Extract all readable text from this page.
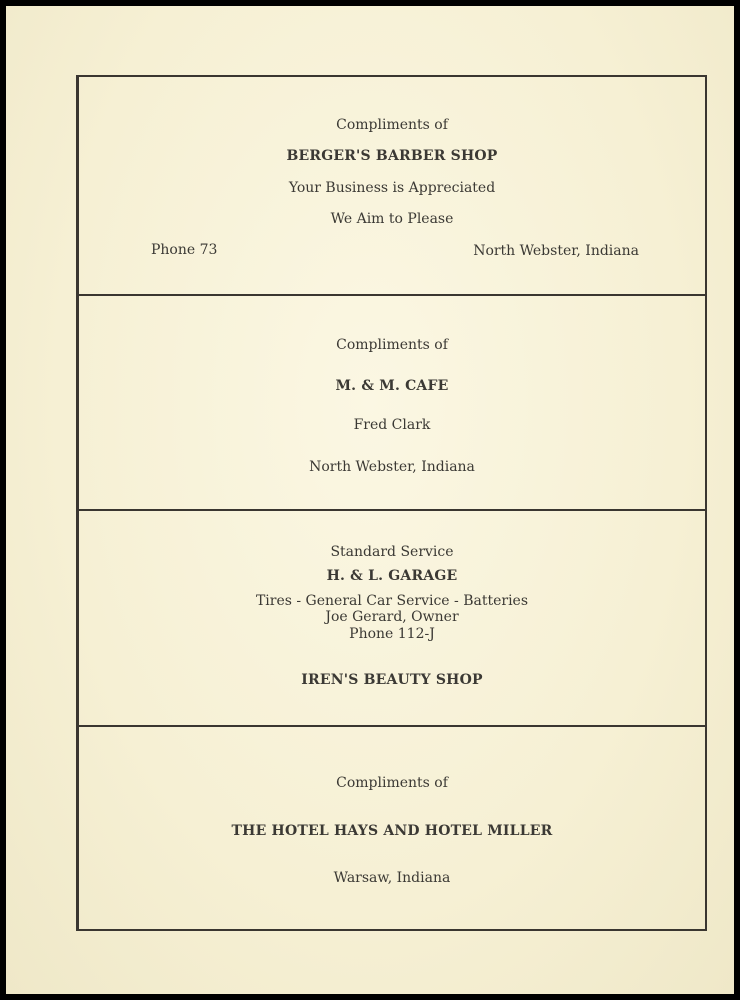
Compliments of
BERGER'S BARBER SHOP
Your Business is Appreciated
We Aim to Please
Phone 73	North Webster, Indiana
Compliments of
M. & M. CAFE
Fred Clark
North Webster, Indiana
Standard Service
H. & L. GARAGE
Tires - General Car Service - Batteries
Joe Gerard, Owner
Phone 112-J
IREN'S BEAUTY SHOP
Compliments of
THE HOTEL HAYS AND HOTEL MILLER
Warsaw, Indiana
